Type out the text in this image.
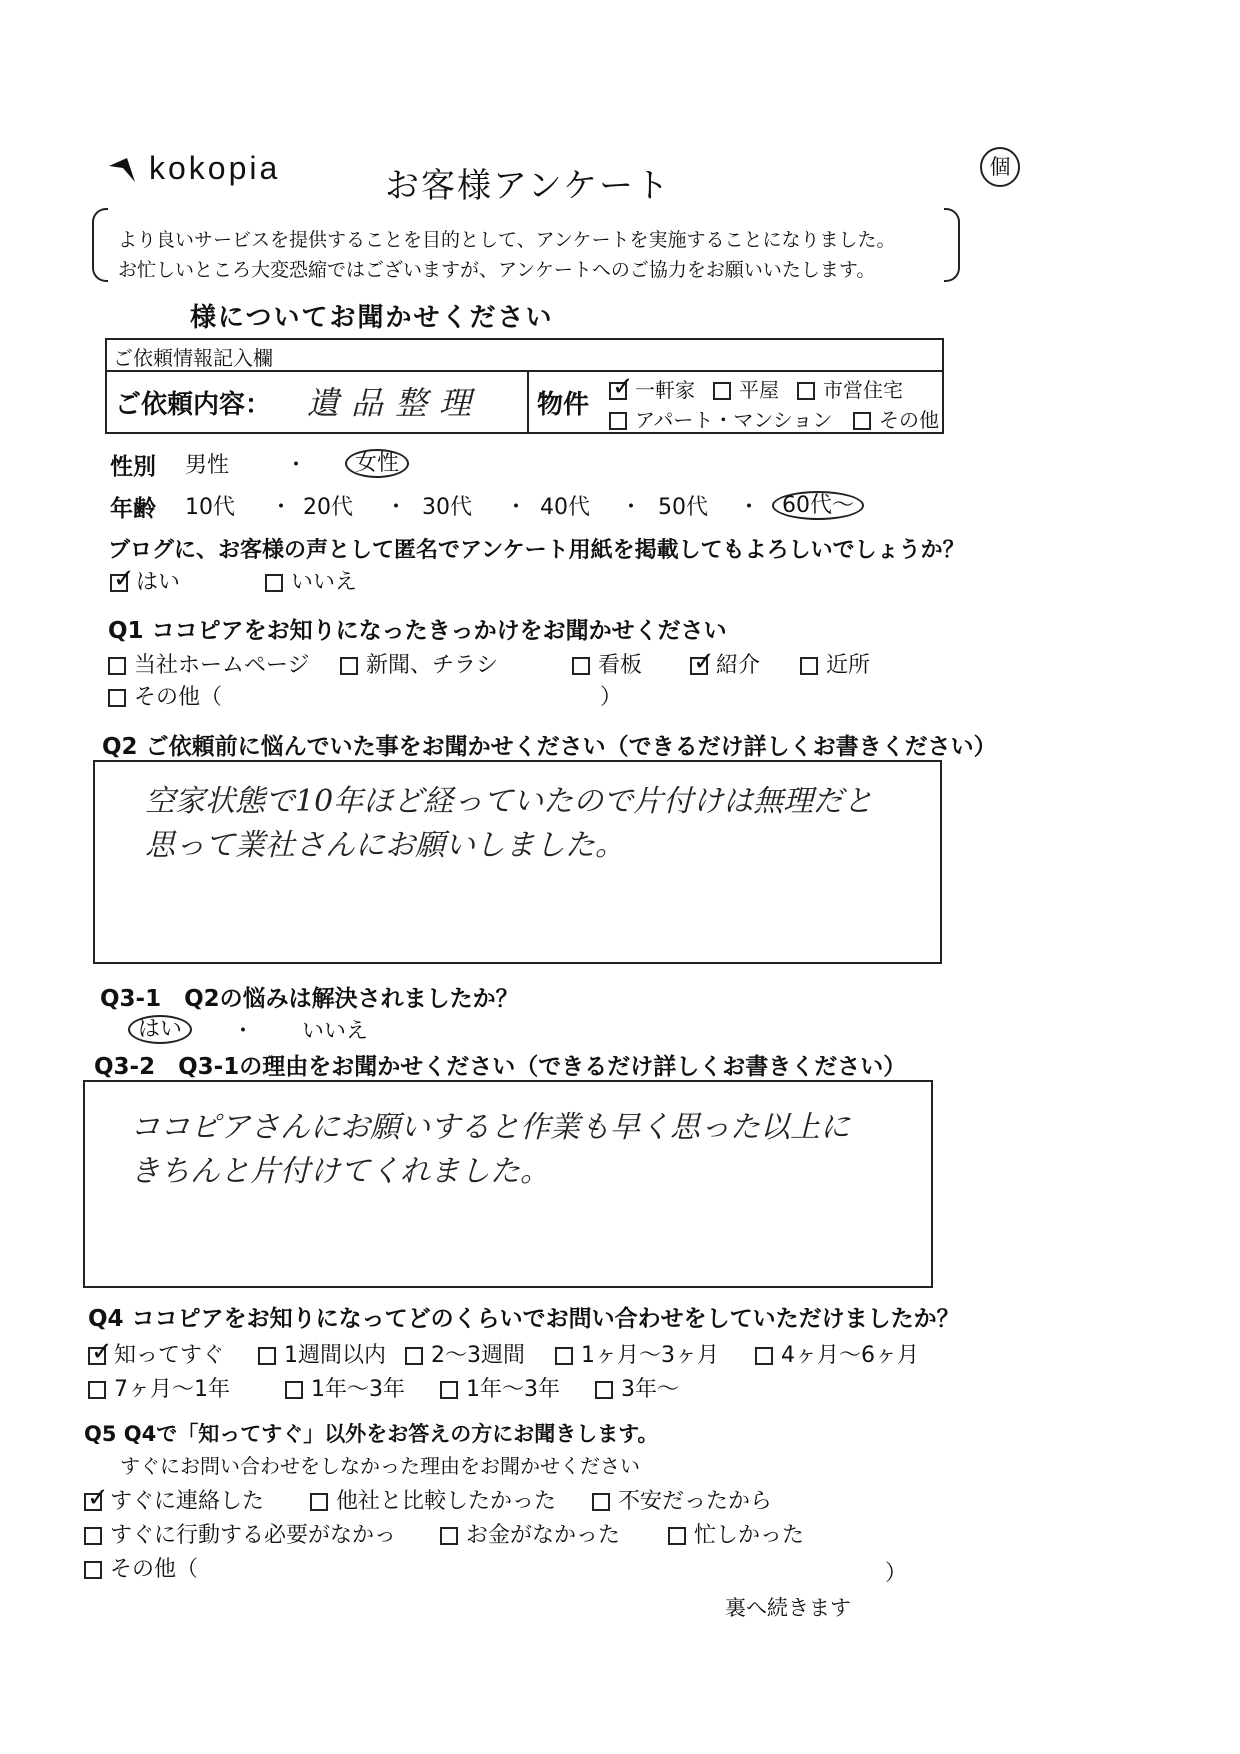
kokopia	お客様アンケート	個
より良いサービスを提供することを目的として、アンケートを実施することになりました。
お忙しいところ大変恐縮ではございますが、アンケートへのご協力をお願いいたします。
様についてお聞かせください
ご依頼情報記入欄
ご依頼内容： 遺品整理 物件 ✓	一軒家	平屋	市営住宅
アパート・マンション	その他
性別 男性	・	女性
年齢 10代 ・ 20代 ・ 30代 ・ 40代 ・ 50代 ・ 60代〜
ブログに、お客様の声として匿名でアンケート用紙を掲載してもよろしいでしょうか？
✓はい	いいえ
Q1 ココピアをお知りになったきっかけをお聞かせください
当社ホームページ	新聞、チラシ	看板 ✓	紹介	近所
その他（	）
Q2 ご依頼前に悩んでいた事をお聞かせください（できるだけ詳しくお書きください）
空家状態で10年ほど経っていたので片付けは無理だと
思って業社さんにお願いしました。
Q3-1　Q2の悩みは解決されましたか？
はい	・ いいえ
Q3-2　Q3-1の理由をお聞かせください（できるだけ詳しくお書きください）
ココピアさんにお願いすると作業も早く思った以上に
きちんと片付けてくれました。
Q4 ココピアをお知りになってどのくらいでお問い合わせをしていただけましたか？
✓知ってすぐ	1週間以内	2〜3週間	1ヶ月〜3ヶ月	4ヶ月〜6ヶ月
7ヶ月〜1年	1年〜3年	1年〜3年	3年〜
Q5 Q4で「知ってすぐ」以外をお答えの方にお聞きします。
すぐにお問い合わせをしなかった理由をお聞かせください
✓すぐに連絡した	他社と比較したかった	不安だったから
すぐに行動する必要がなかっ	お金がなかった	忙しかった
その他（	）
裏へ続きます
